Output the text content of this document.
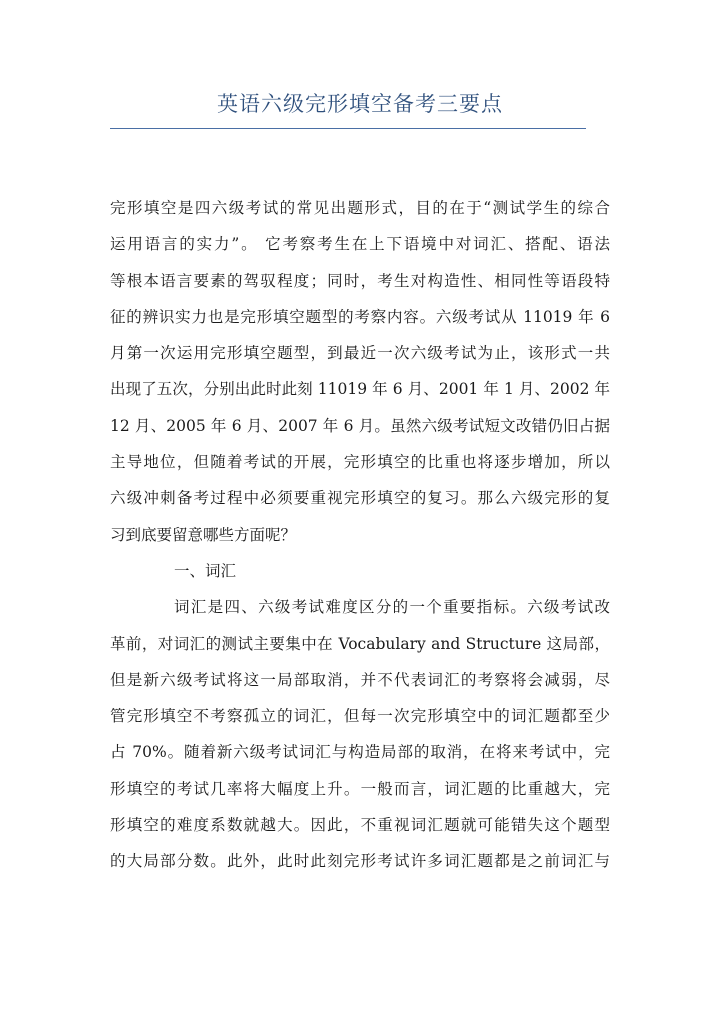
英语六级完形填空备考三要点
完形填空是四六级考试的常见出题形式，目的在于“测试学生的综合
运用语言的实力”。 它考察考生在上下语境中对词汇、搭配、语法
等根本语言要素的驾驭程度；同时，考生对构造性、相同性等语段特
征的辨识实力也是完形填空题型的考察内容。六级考试从 11019 年 6
月第一次运用完形填空题型，到最近一次六级考试为止，该形式一共
出现了五次，分别出此时此刻 11019 年 6 月、2001 年 1 月、2002 年
12 月、2005 年 6 月、2007 年 6 月。虽然六级考试短文改错仍旧占据
主导地位，但随着考试的开展，完形填空的比重也将逐步增加，所以
六级冲刺备考过程中必须要重视完形填空的复习。那么六级完形的复
习到底要留意哪些方面呢？
一、词汇
词汇是四、六级考试难度区分的一个重要指标。六级考试改
革前，对词汇的测试主要集中在 Vocabulary and Structure 这局部，
但是新六级考试将这一局部取消，并不代表词汇的考察将会减弱，尽
管完形填空不考察孤立的词汇，但每一次完形填空中的词汇题都至少
占 70%。随着新六级考试词汇与构造局部的取消，在将来考试中，完
形填空的考试几率将大幅度上升。一般而言，词汇题的比重越大，完
形填空的难度系数就越大。因此，不重视词汇题就可能错失这个题型
的大局部分数。此外，此时此刻完形考试许多词汇题都是之前词汇与
